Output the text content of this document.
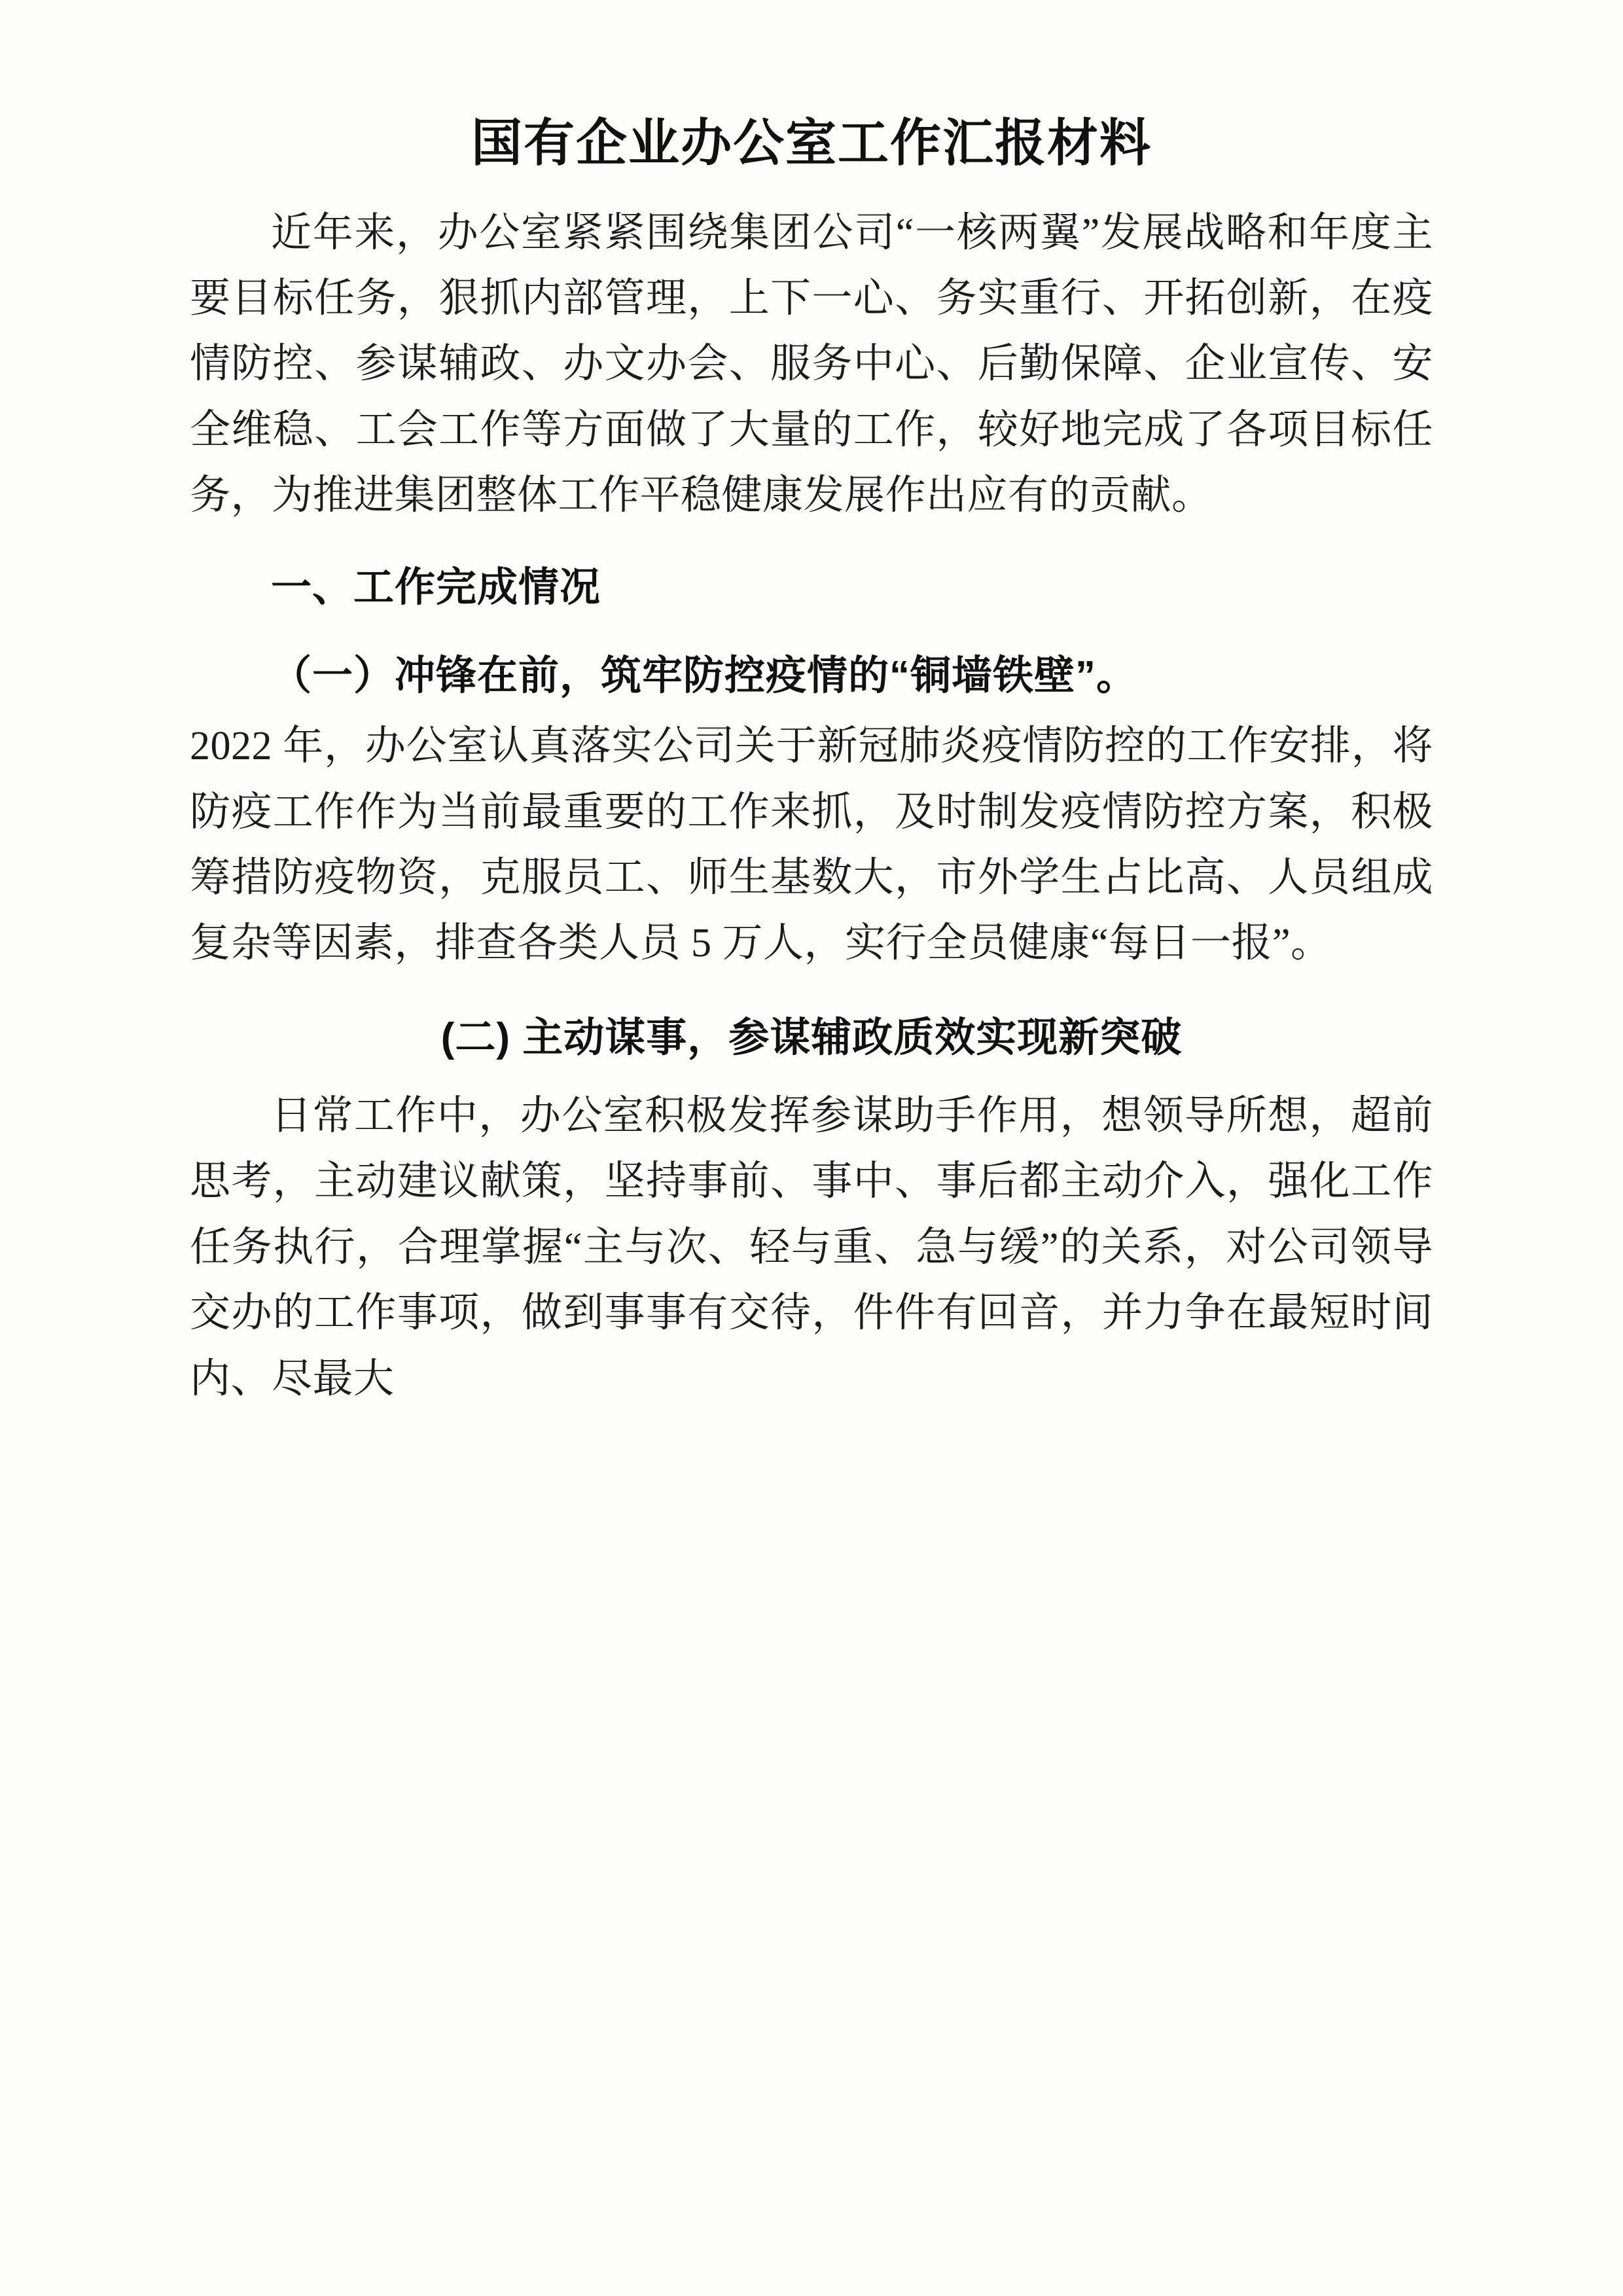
国有企业办公室工作汇报材料

近年来，办公室紧紧围绕集团公司“一核两翼”发展战略和年度主要目标任务，狠抓内部管理，上下一心、务实重行、开拓创新，在疫情防控、参谋辅政、办文办会、服务中心、后勤保障、企业宣传、安全维稳、工会工作等方面做了大量的工作，较好地完成了各项目标任务，为推进集团整体工作平稳健康发展作出应有的贡献。

一、工作完成情况
（一）冲锋在前，筑牢防控疫情的“铜墙铁壁”。

2022 年，办公室认真落实公司关于新冠肺炎疫情防控的工作安排，将防疫工作作为当前最重要的工作来抓，及时制发疫情防控方案，积极筹措防疫物资，克服员工、师生基数大，市外学生占比高、人员组成复杂等因素，排查各类人员 5 万人，实行全员健康“每日一报”。

(二) 主动谋事，参谋辅政质效实现新突破

日常工作中，办公室积极发挥参谋助手作用，想领导所想，超前思考，主动建议献策，坚持事前、事中、事后都主动介入，强化工作任务执行，合理掌握“主与次、轻与重、急与缓”的关系，对公司领导交办的工作事项，做到事事有交待，件件有回音，并力争在最短时间内、尽最大
